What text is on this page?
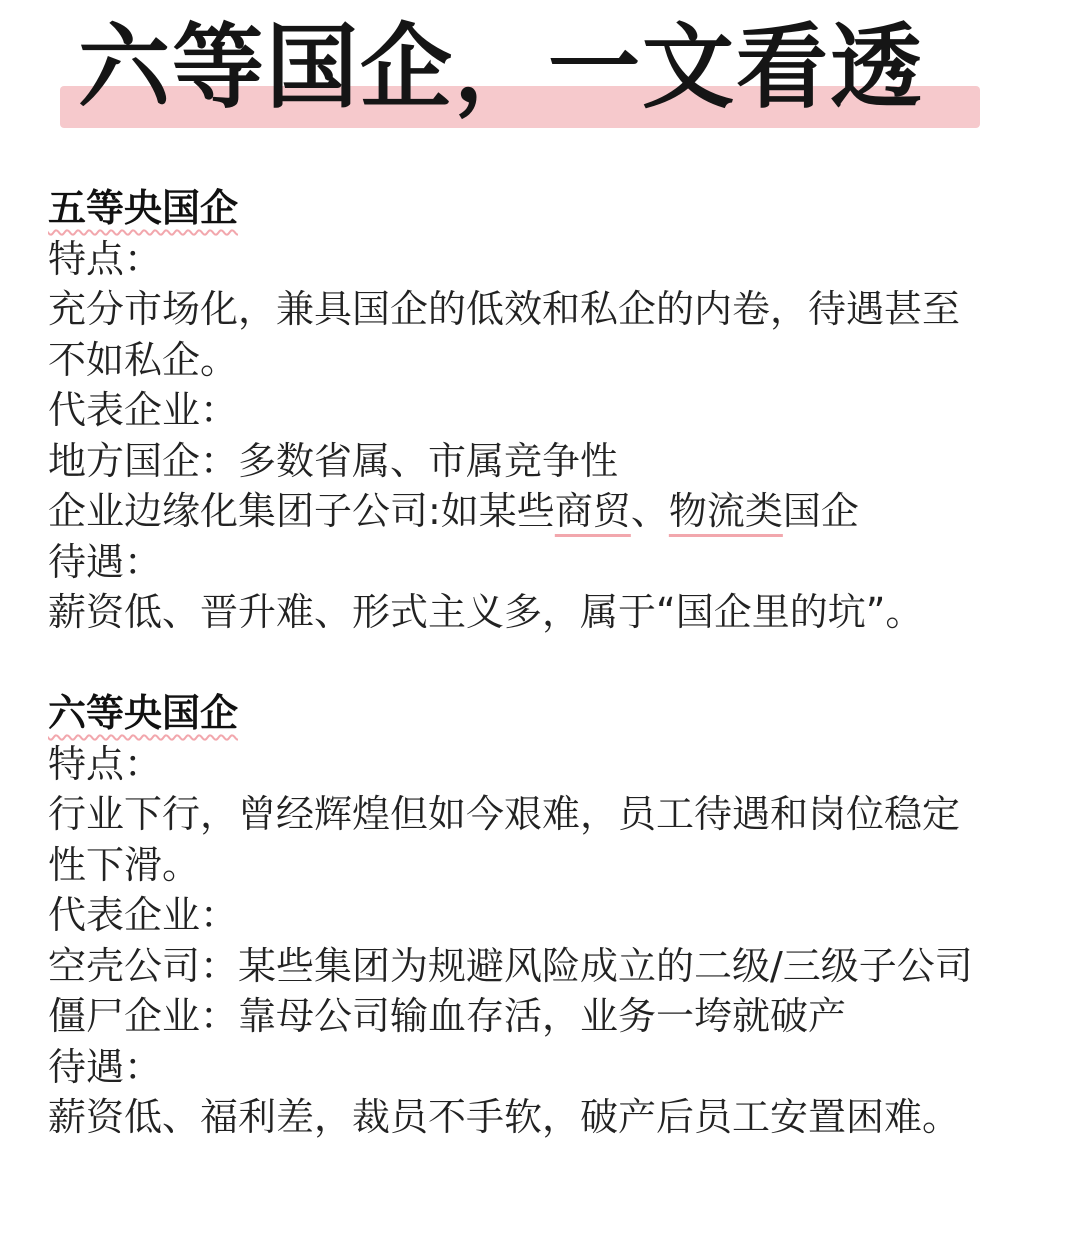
六等国企，一文看透

五等央国企

特点：

充分市场化，兼具国企的低效和私企的内卷，待遇甚至

不如私企。

代表企业：

地方国企：多数省属、市属竞争性

企业边缘化集团子公司:如某些商贸、物流类国企

待遇：

薪资低、晋升难、形式主义多，属于“国企里的坑”。

六等央国企

特点：

行业下行，曾经辉煌但如今艰难，员工待遇和岗位稳定

性下滑。

代表企业：

空壳公司：某些集团为规避风险成立的二级/三级子公司

僵尸企业：靠母公司输血存活，业务一垮就破产

待遇：

薪资低、福利差，裁员不手软，破产后员工安置困难。
